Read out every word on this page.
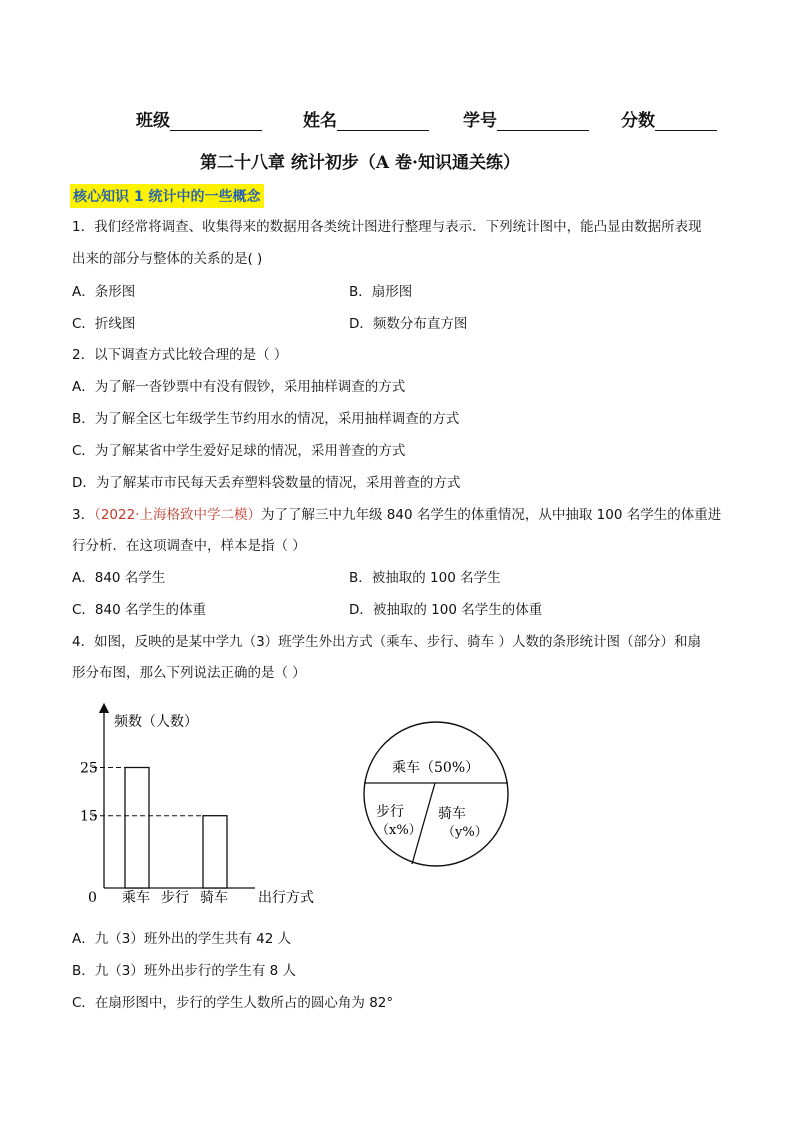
班级	姓名	学号	分数
第二十八章 统计初步（A 卷·知识通关练）
核心知识 1 统计中的一些概念
1．我们经常将调查、收集得来的数据用各类统计图进行整理与表示．下列统计图中，能凸显由数据所表现
出来的部分与整体的关系的是( )
A．条形图	B．扇形图
C．折线图	D．频数分布直方图
2．以下调查方式比较合理的是（ ）
A．为了解一沓钞票中有没有假钞，采用抽样调查的方式
B．为了解全区七年级学生节约用水的情况，采用抽样调查的方式
C．为了解某省中学生爱好足球的情况，采用普查的方式
D．为了解某市市民每天丢弃塑料袋数量的情况，采用普查的方式
3．（2022·上海格致中学二模）为了了解三中九年级 840 名学生的体重情况，从中抽取 100 名学生的体重进
行分析．在这项调查中，样本是指（ ）
A．840 名学生	B．被抽取的 100 名学生
C．840 名学生的体重	D．被抽取的 100 名学生的体重
4．如图，反映的是某中学九（3）班学生外出方式（乘车、步行、骑车 ）人数的条形统计图（部分）和扇
形分布图，那么下列说法正确的是（ ）
频数（人数）
0 乘车 步行 骑车
25
15
出行方式
乘车（50%）
步行
（x%）
骑车
（y%）
A．九（3）班外出的学生共有 42 人
B．九（3）班外出步行的学生有 8 人
C．在扇形图中，步行的学生人数所占的圆心角为 82°
